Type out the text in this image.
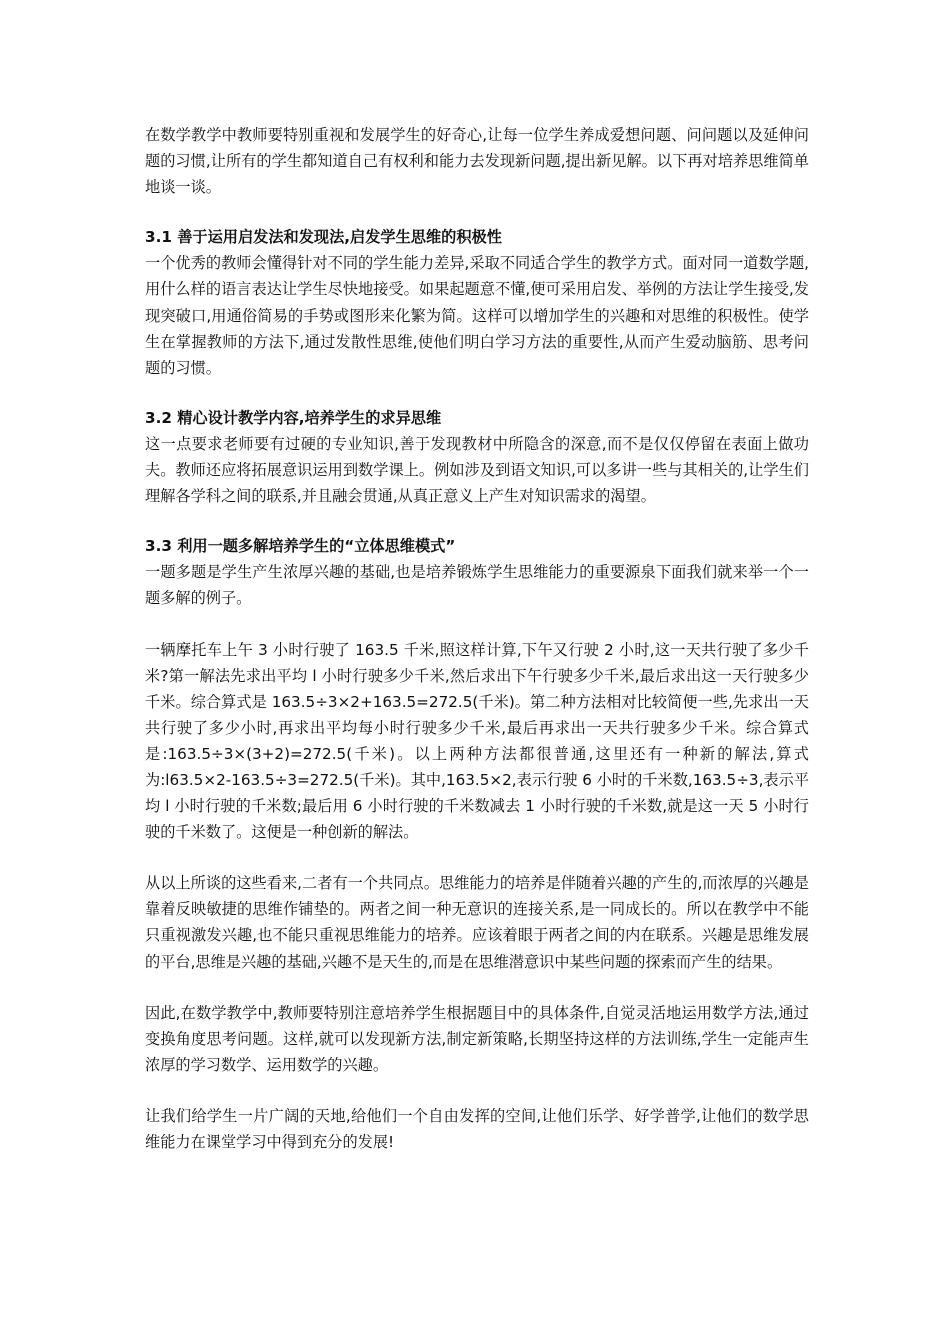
在数学教学中教师要特别重视和发展学生的好奇心,让每一位学生养成爱想问题、问问题以及延伸问题的习惯,让所有的学生都知道自己有权利和能力去发现新问题,提出新见解。以下再对培养思维简单地谈一谈。

3.1 善于运用启发法和发现法,启发学生思维的积极性

一个优秀的教师会懂得针对不同的学生能力差异,采取不同适合学生的教学方式。面对同一道数学题,用什么样的语言表达让学生尽快地接受。如果起题意不懂,便可采用启发、举例的方法让学生接受,发现突破口,用通俗简易的手势或图形来化繁为简。这样可以增加学生的兴趣和对思维的积极性。使学生在掌握教师的方法下,通过发散性思维,使他们明白学习方法的重要性,从而产生爱动脑筋、思考问题的习惯。

3.2 精心设计教学内容,培养学生的求异思维

这一点要求老师要有过硬的专业知识,善于发现教材中所隐含的深意,而不是仅仅停留在表面上做功夫。教师还应将拓展意识运用到数学课上。例如涉及到语文知识,可以多讲一些与其相关的,让学生们理解各学科之间的联系,并且融会贯通,从真正意义上产生对知识需求的渴望。

3.3 利用一题多解培养学生的“立体思维模式”

一题多题是学生产生浓厚兴趣的基础,也是培养锻炼学生思维能力的重要源泉下面我们就来举一个一题多解的例子。

一辆摩托车上午 3 小时行驶了 163.5 千米,照这样计算,下午又行驶 2 小时,这一天共行驶了多少千米?第一解法先求出平均 l 小时行驶多少千米,然后求出下午行驶多少千米,最后求出这一天行驶多少千米。综合算式是 163.5÷3×2+163.5=272.5(千米)。第二种方法相对比较简便一些,先求出一天共行驶了多少小时,再求出平均每小时行驶多少千米,最后再求出一天共行驶多少千米。综合算式是:163.5÷3×(3+2)=272.5(千米)。以上两种方法都很普通,这里还有一种新的解法,算式为:l63.5×2-163.5÷3=272.5(千米)。其中,163.5×2,表示行驶 6 小时的千米数,163.5÷3,表示平均 l 小时行驶的千米数;最后用 6 小时行驶的千米数减去 1 小时行驶的千米数,就是这一天 5 小时行驶的千米数了。这便是一种创新的解法。

从以上所谈的这些看来,二者有一个共同点。思维能力的培养是伴随着兴趣的产生的,而浓厚的兴趣是靠着反映敏捷的思维作铺垫的。两者之间一种无意识的连接关系,是一同成长的。所以在教学中不能只重视激发兴趣,也不能只重视思维能力的培养。应该着眼于两者之间的内在联系。兴趣是思维发展的平台,思维是兴趣的基础,兴趣不是天生的,而是在思维潜意识中某些问题的探索而产生的结果。

因此,在数学教学中,教师要特别注意培养学生根据题目中的具体条件,自觉灵活地运用数学方法,通过变换角度思考问题。这样,就可以发现新方法,制定新策略,长期坚持这样的方法训练,学生一定能声生浓厚的学习数学、运用数学的兴趣。

让我们给学生一片广阔的天地,给他们一个自由发挥的空间,让他们乐学、好学普学,让他们的数学思维能力在课堂学习中得到充分的发展!
